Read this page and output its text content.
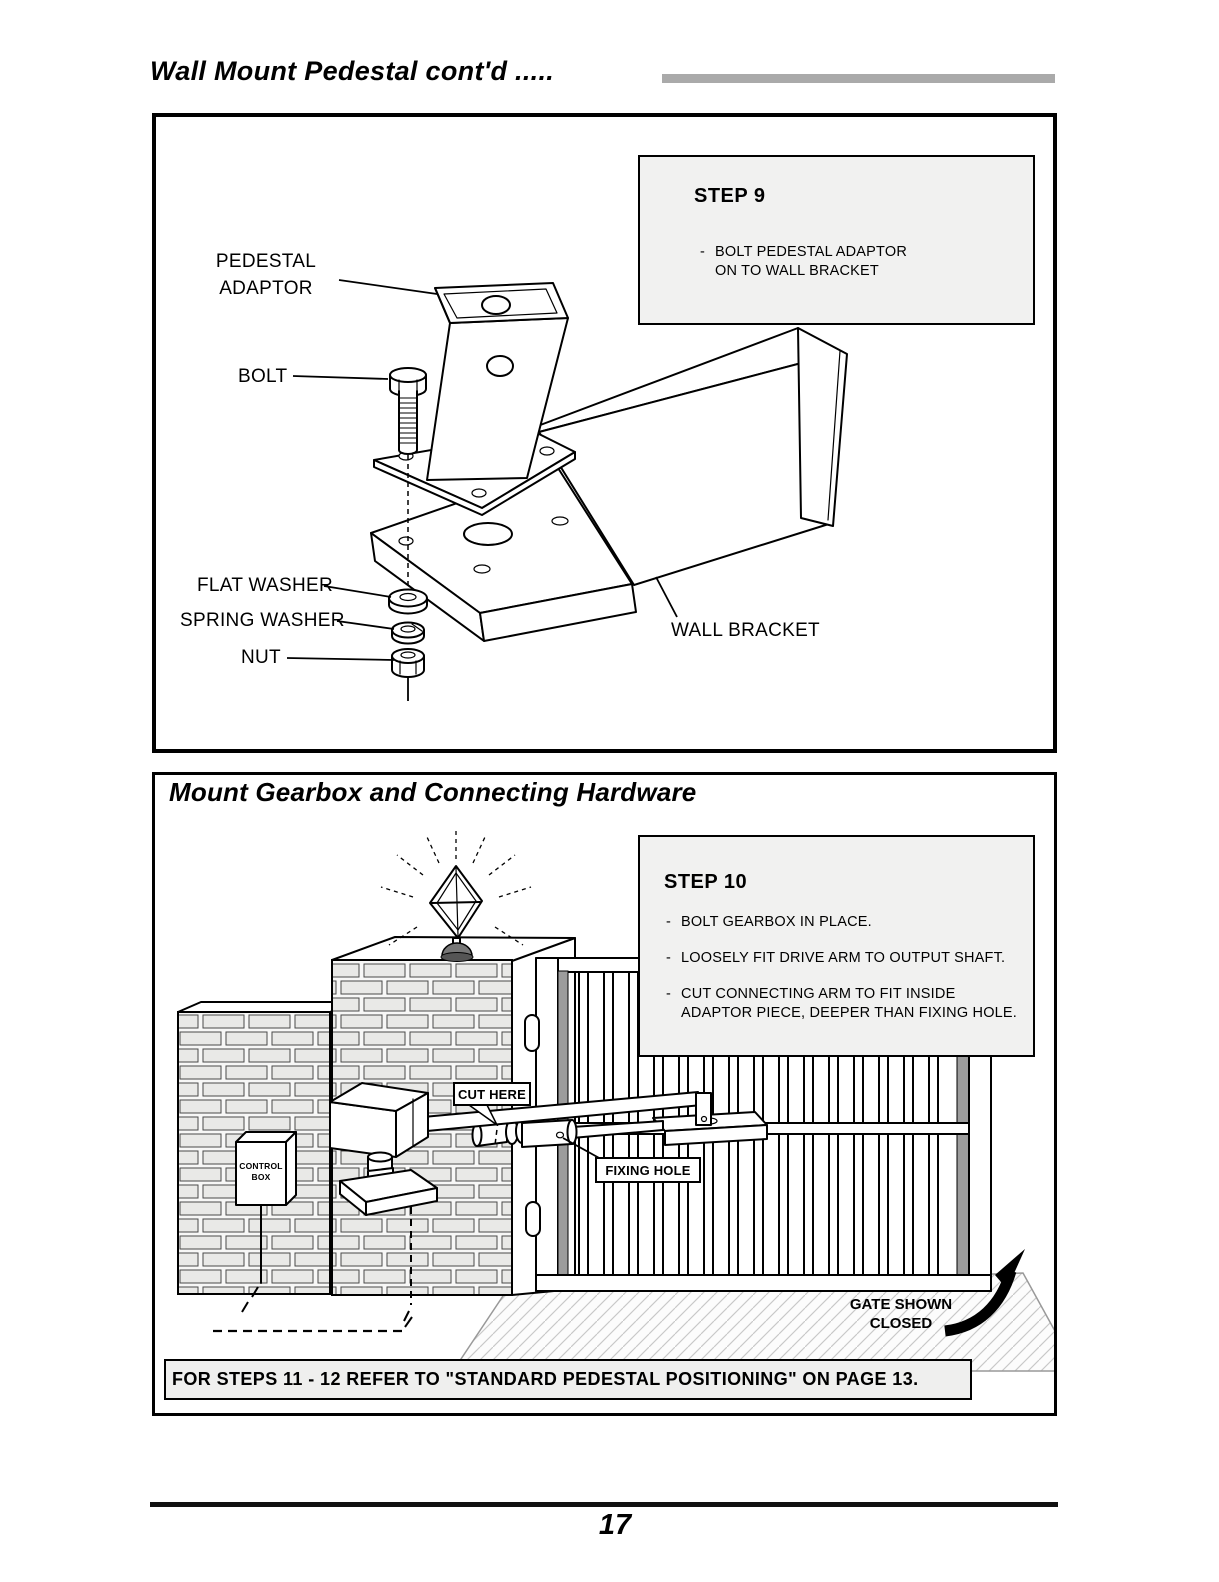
Wall Mount Pedestal cont'd .....
STEP 9
- BOLT PEDESTAL ADAPTOR
ON TO WALL BRACKET
PEDESTAL
ADAPTOR
BOLT
FLAT WASHER
SPRING WASHER
NUT
WALL BRACKET
Mount Gearbox and Connecting Hardware
STEP 10
- BOLT GEARBOX IN PLACE.
- LOOSELY FIT DRIVE ARM TO OUTPUT SHAFT.
- CUT CONNECTING ARM TO FIT INSIDE
ADAPTOR PIECE, DEEPER THAN FIXING HOLE.
CUT HERE
FIXING HOLE
CONTROL
BOX
GATE SHOWN
CLOSED
FOR STEPS 11 - 12 REFER TO "STANDARD PEDESTAL POSITIONING" ON PAGE 13.
17
